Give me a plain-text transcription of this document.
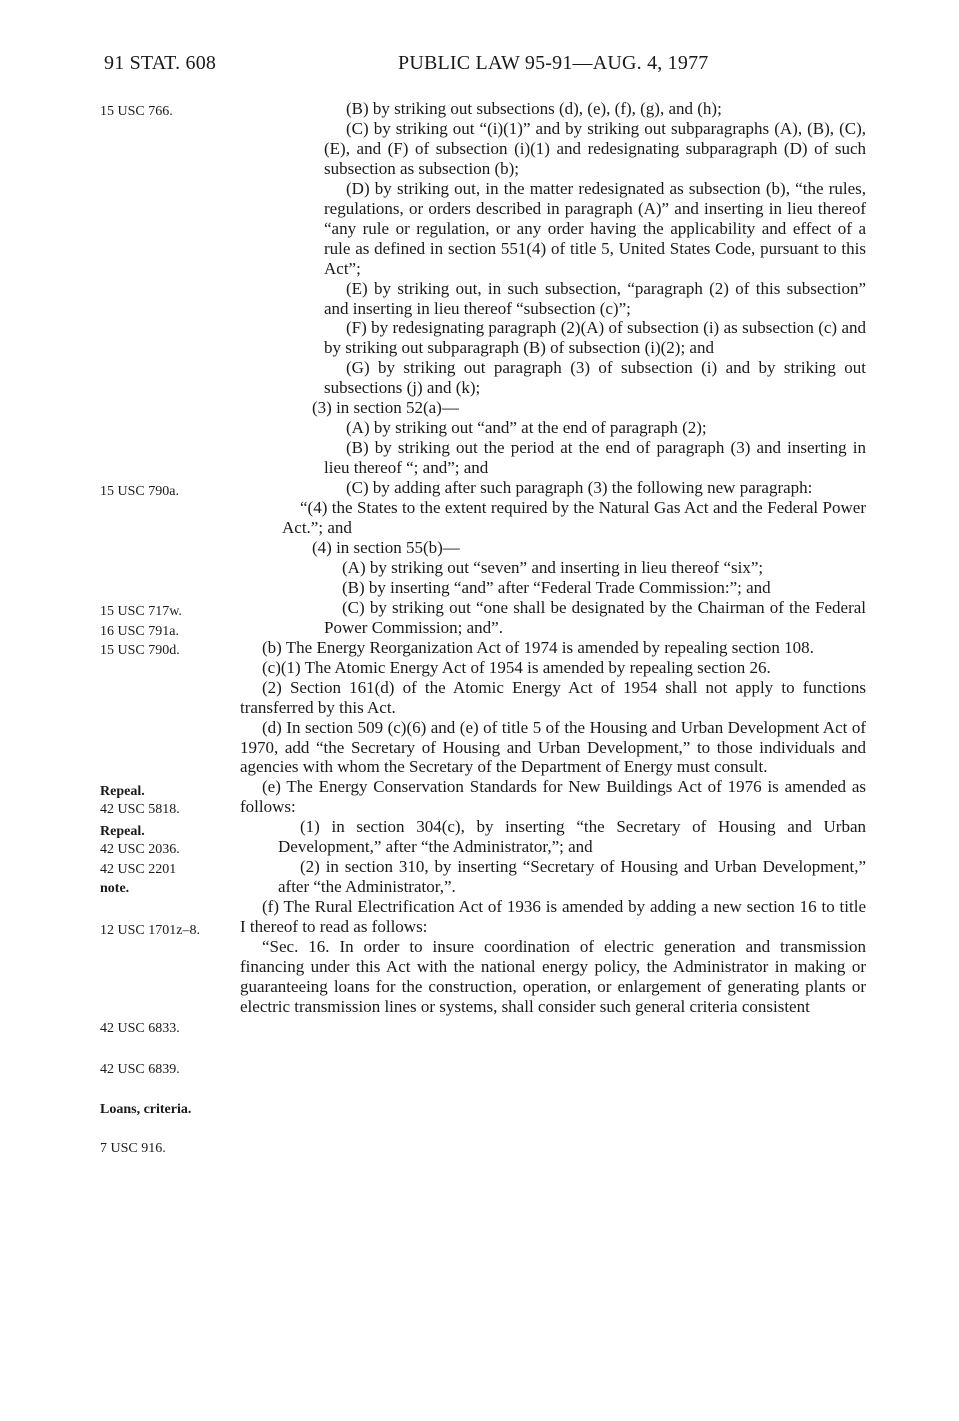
91 STAT. 608	PUBLIC LAW 95-91—AUG. 4, 1977
15 USC 766.
15 USC 790a.
15 USC 717w.
16 USC 791a.
15 USC 790d.
Repeal.
42 USC 5818.
Repeal.
42 USC 2036.
42 USC 2201
note.
12 USC 1701z–8.
42 USC 6833.
42 USC 6839.
Loans, criteria.
7 USC 916.

(B) by striking out subsections (d), (e), (f), (g), and (h);

(C) by striking out “(i)(1)” and by striking out subparagraphs (A), (B), (C), (E), and (F) of subsection (i)(1) and redesignating subparagraph (D) of such subsection as subsection (b);

(D) by striking out, in the matter redesignated as subsection (b), “the rules, regulations, or orders described in paragraph (A)” and inserting in lieu thereof “any rule or regulation, or any order having the applicability and effect of a rule as defined in section 551(4) of title 5, United States Code, pursuant to this Act”;

(E) by striking out, in such subsection, “paragraph (2) of this subsection” and inserting in lieu thereof “subsection (c)”;

(F) by redesignating paragraph (2)(A) of subsection (i) as subsection (c) and by striking out subparagraph (B) of subsection (i)(2); and

(G) by striking out paragraph (3) of subsection (i) and by striking out subsections (j) and (k);

(3) in section 52(a)—

(A) by striking out “and” at the end of paragraph (2);

(B) by striking out the period at the end of paragraph (3) and inserting in lieu thereof “; and”; and

(C) by adding after such paragraph (3) the following new paragraph:

“(4) the States to the extent required by the Natural Gas Act and the Federal Power Act.”; and

(4) in section 55(b)—

(A) by striking out “seven” and inserting in lieu thereof “six”;

(B) by inserting “and” after “Federal Trade Commission:”; and

(C) by striking out “one shall be designated by the Chairman of the Federal Power Commission; and”.

(b) The Energy Reorganization Act of 1974 is amended by repealing section 108.

(c)(1) The Atomic Energy Act of 1954 is amended by repealing section 26.

(2) Section 161(d) of the Atomic Energy Act of 1954 shall not apply to functions transferred by this Act.

(d) In section 509 (c)(6) and (e) of title 5 of the Housing and Urban Development Act of 1970, add “the Secretary of Housing and Urban Development,” to those individuals and agencies with whom the Secretary of the Department of Energy must consult.

(e) The Energy Conservation Standards for New Buildings Act of 1976 is amended as follows:

(1) in section 304(c), by inserting “the Secretary of Housing and Urban Development,” after “the Administrator,”; and

(2) in section 310, by inserting “Secretary of Housing and Urban Development,” after “the Administrator,”.

(f) The Rural Electrification Act of 1936 is amended by adding a new section 16 to title I thereof to read as follows:

“Sec. 16. In order to insure coordination of electric generation and transmission financing under this Act with the national energy policy, the Administrator in making or guaranteeing loans for the construction, operation, or enlargement of generating plants or electric transmission lines or systems, shall consider such general criteria consistent
